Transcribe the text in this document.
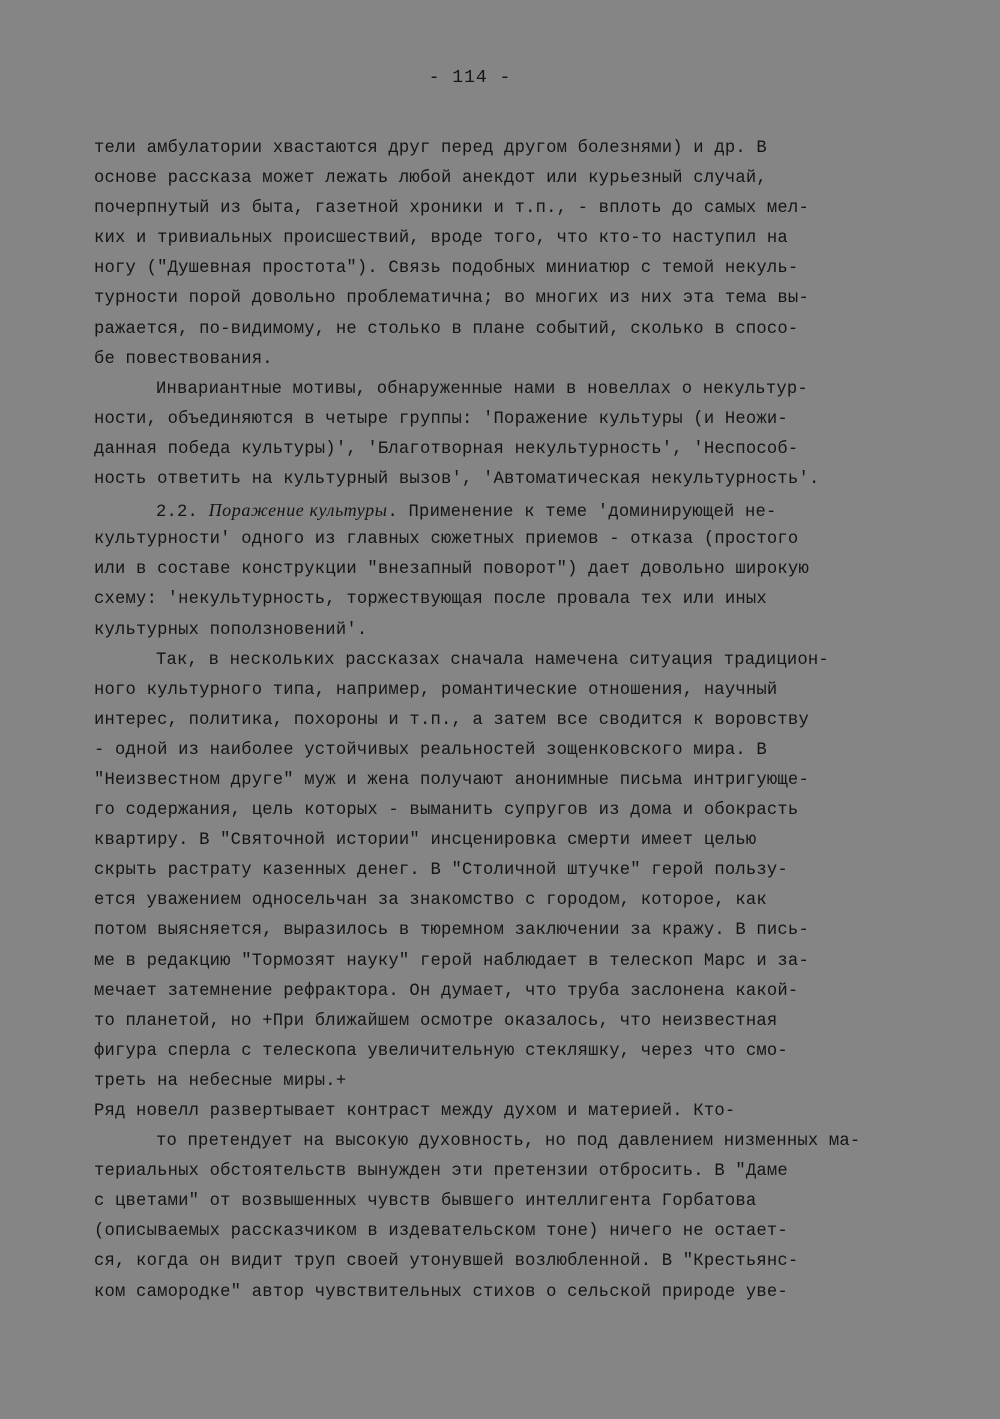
- 114 -
тели амбулатории хвастаются друг перед другом болезнями) и др. В
основе рассказа может лежать любой анекдот или курьезный случай,
почерпнутый из быта, газетной хроники и т.п., - вплоть до самых мел-
ких и тривиальных происшествий, вроде того, что кто-то наступил на
ногу ("Душевная простота"). Связь подобных миниатюр с темой некуль-
турности порой довольно проблематична; во многих из них эта тема вы-
ражается, по-видимому, не столько в плане событий, сколько в спосо-
бе повествования.
Инвариантные мотивы, обнаруженные нами в новеллах о некультур-
ности, объединяются в четыре группы: 'Поражение культуры (и Неожи-
данная победа культуры)', 'Благотворная некультурность', 'Неспособ-
ность ответить на культурный вызов', 'Автоматическая некультурность'.
2.2. Поражение культуры. Применение к теме 'доминирующей не-
культурности' одного из главных сюжетных приемов - отказа (простого
или в составе конструкции "внезапный поворот") дает довольно широкую
схему: 'некультурность, торжествующая после провала тех или иных
культурных поползновений'.
Так, в нескольких рассказах сначала намечена ситуация традицион-
ного культурного типа, например, романтические отношения, научный
интерес, политика, похороны и т.п., а затем все сводится к воровству
- одной из наиболее устойчивых реальностей зощенковского мира. В
"Неизвестном друге" муж и жена получают анонимные письма интригующе-
го содержания, цель которых - выманить супругов из дома и обокрасть
квартиру. В "Святочной истории" инсценировка смерти имеет целью
скрыть растрату казенных денег. В "Столичной штучке" герой пользу-
ется уважением односельчан за знакомство с городом, которое, как
потом выясняется, выразилось в тюремном заключении за кражу. В пись-
ме в редакцию "Тормозят науку" герой наблюдает в телескоп Марс и за-
мечает затемнение рефрактора. Он думает, что труба заслонена какой-
то планетой, но +При ближайшем осмотре оказалось, что неизвестная
фигура сперла с телескопа увеличительную стекляшку, через что смо-
треть на небесные миры.+
Ряд новелл развертывает контраст между духом и материей. Кто-
то претендует на высокую духовность, но под давлением низменных ма-
териальных обстоятельств вынужден эти претензии отбросить. В "Даме
с цветами" от возвышенных чувств бывшего интеллигента Горбатова
(описываемых рассказчиком в издевательском тоне) ничего не остает-
ся, когда он видит труп своей утонувшей возлюбленной. В "Крестьянс-
ком самородке" автор чувствительных стихов о сельской природе уве-
